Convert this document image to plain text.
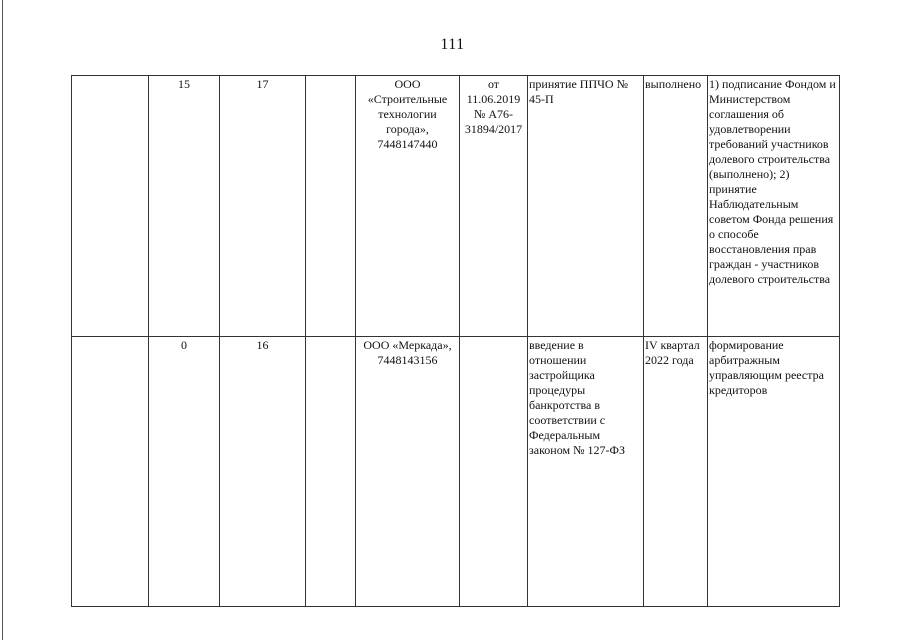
111
	15	17		ООО «Строительные технологии города», 7448147440	от 11.06.2019 № А76-31894/2017	принятие ППЧО № 45-П	выполнено	1) подписание Фондом и Министерством соглашения об удовлетворении требований участников долевого строительства (выполнено); 2) принятие Наблюдательным советом Фонда решения о способе восстановления прав граждан - участников долевого строительства
	0	16		ООО «Меркада», 7448143156		введение в отношении застройщика процедуры банкротства в соответствии с Федеральным законом № 127-ФЗ	IV квартал 2022 года	формирование арбитражным управляющим реестра кредиторов
